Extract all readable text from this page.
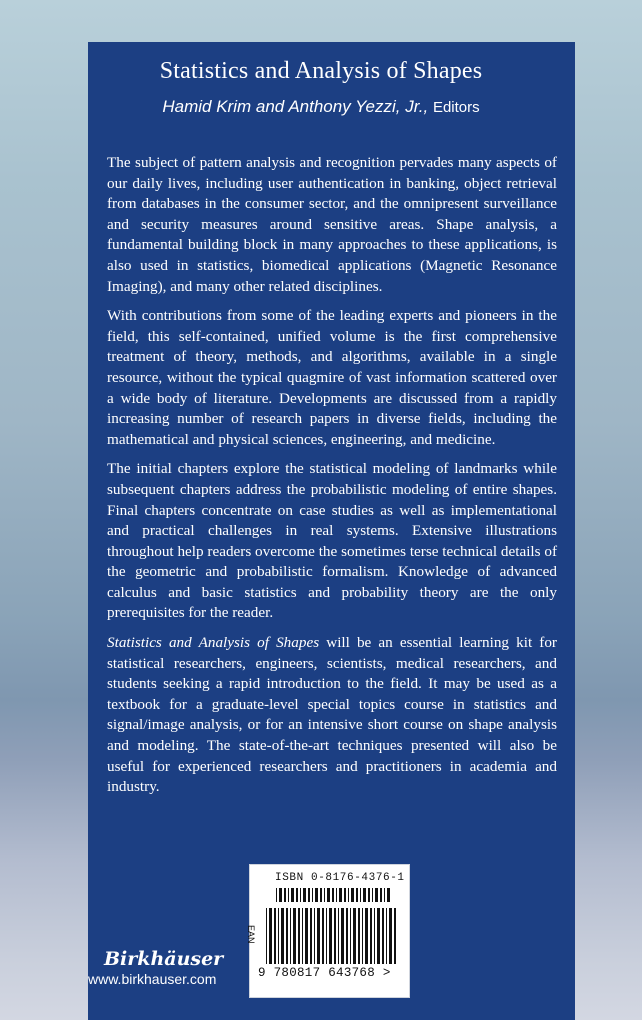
Statistics and Analysis of Shapes
Hamid Krim and Anthony Yezzi, Jr., Editors

The subject of pattern analysis and recognition pervades many aspects of our daily lives, including user authentication in banking, object retrieval from databases in the consumer sector, and the omnipresent surveillance and security measures around sensitive areas. Shape analysis, a fundamental building block in many approaches to these applications, is also used in statistics, biomedical applications (Magnetic Resonance Imaging), and many other related disciplines.

With contributions from some of the leading experts and pioneers in the field, this self-contained, unified volume is the first comprehensive treatment of theory, methods, and algorithms, available in a single resource, without the typical quagmire of vast information scattered over a wide body of literature. Developments are discussed from a rapidly increasing number of research papers in diverse fields, including the mathematical and physical sciences, engineering, and medicine.

The initial chapters explore the statistical modeling of landmarks while subsequent chapters address the probabilistic modeling of entire shapes. Final chapters concentrate on case studies as well as implementational and practical challenges in real systems. Extensive illustrations throughout help readers overcome the sometimes terse technical details of the geometric and probabilistic formalism. Knowledge of advanced calculus and basic statistics and probability theory are the only prerequisites for the reader.

Statistics and Analysis of Shapes will be an essential learning kit for statistical researchers, engineers, scientists, medical researchers, and students seeking a rapid introduction to the field. It may be used as a textbook for a graduate-level special topics course in statistics and signal/image analysis, or for an intensive short course on shape analysis and modeling. The state-of-the-art techniques presented will also be useful for experienced researchers and practitioners in academia and industry.

ISBN 0-8176-4376-1
EAN
9 780817 643768 >
Birkhäuser
www.birkhauser.com
